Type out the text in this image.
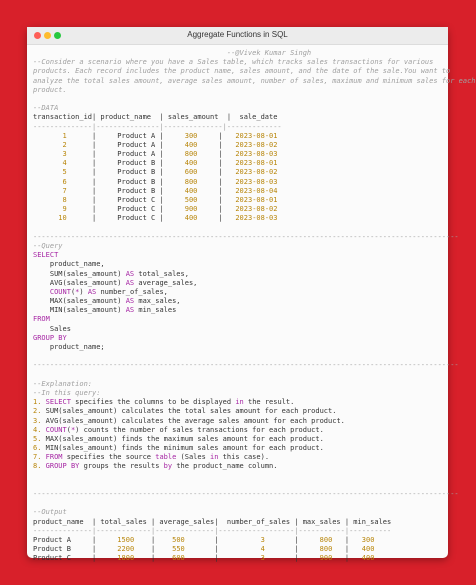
Aggregate Functions in SQL
--@Vivek Kumar Singh
--Consider a scenario where you have a Sales table, which tracks sales transactions for various
products. Each record includes the product name, sales amount, and the date of the sale.You want to
analyze the total sales amount, average sales amount, number of sales, maximum and minimum sales for each
product.

--DATA
transaction_id| product_name  | sales_amount  |  sale_date
--------------|---------------|--------------|-------------
1      |     Product A |     300     |   2023-08-01
2      |     Product A |     400     |   2023-08-02
3      |     Product A |     800     |   2023-08-03
4      |     Product B |     400     |   2023-08-01
5      |     Product B |     600     |   2023-08-02
6      |     Product B |     800     |   2023-08-03
7      |     Product B |     400     |   2023-08-04
8      |     Product C |     500     |   2023-08-01
9      |     Product C |     900     |   2023-08-02
10      |     Product C |     400     |   2023-08-03

-----------------------------------------------------------------------------------------------------
--Query
SELECT
product_name,
SUM(sales_amount) AS total_sales,
AVG(sales_amount) AS average_sales,
COUNT(*) AS number_of_sales,
MAX(sales_amount) AS max_sales,
MIN(sales_amount) AS min_sales
FROM
Sales
GROUP BY
product_name;

-----------------------------------------------------------------------------------------------------

--Explanation:
--In this query:
1. SELECT specifies the columns to be displayed in the result.
2. SUM(sales_amount) calculates the total sales amount for each product.
3. AVG(sales_amount) calculates the average sales amount for each product.
4. COUNT(*) counts the number of sales transactions for each product.
5. MAX(sales_amount) finds the maximum sales amount for each product.
6. MIN(sales_amount) finds the minimum sales amount for each product.
7. FROM specifies the source table (Sales in this case).
8. GROUP BY groups the results by the product_name column.

-----------------------------------------------------------------------------------------------------

--Output
product_name  | total_sales | average_sales|  number_of_sales | max_sales | min_sales
--------------|-------------|--------------|------------------|-----------|----------
Product A     |     1500    |    500       |          3       |     800   |   300
Product B     |     2200    |    550       |          4       |     800   |   400
Product C     |     1800    |    600       |          3       |     900   |   400
